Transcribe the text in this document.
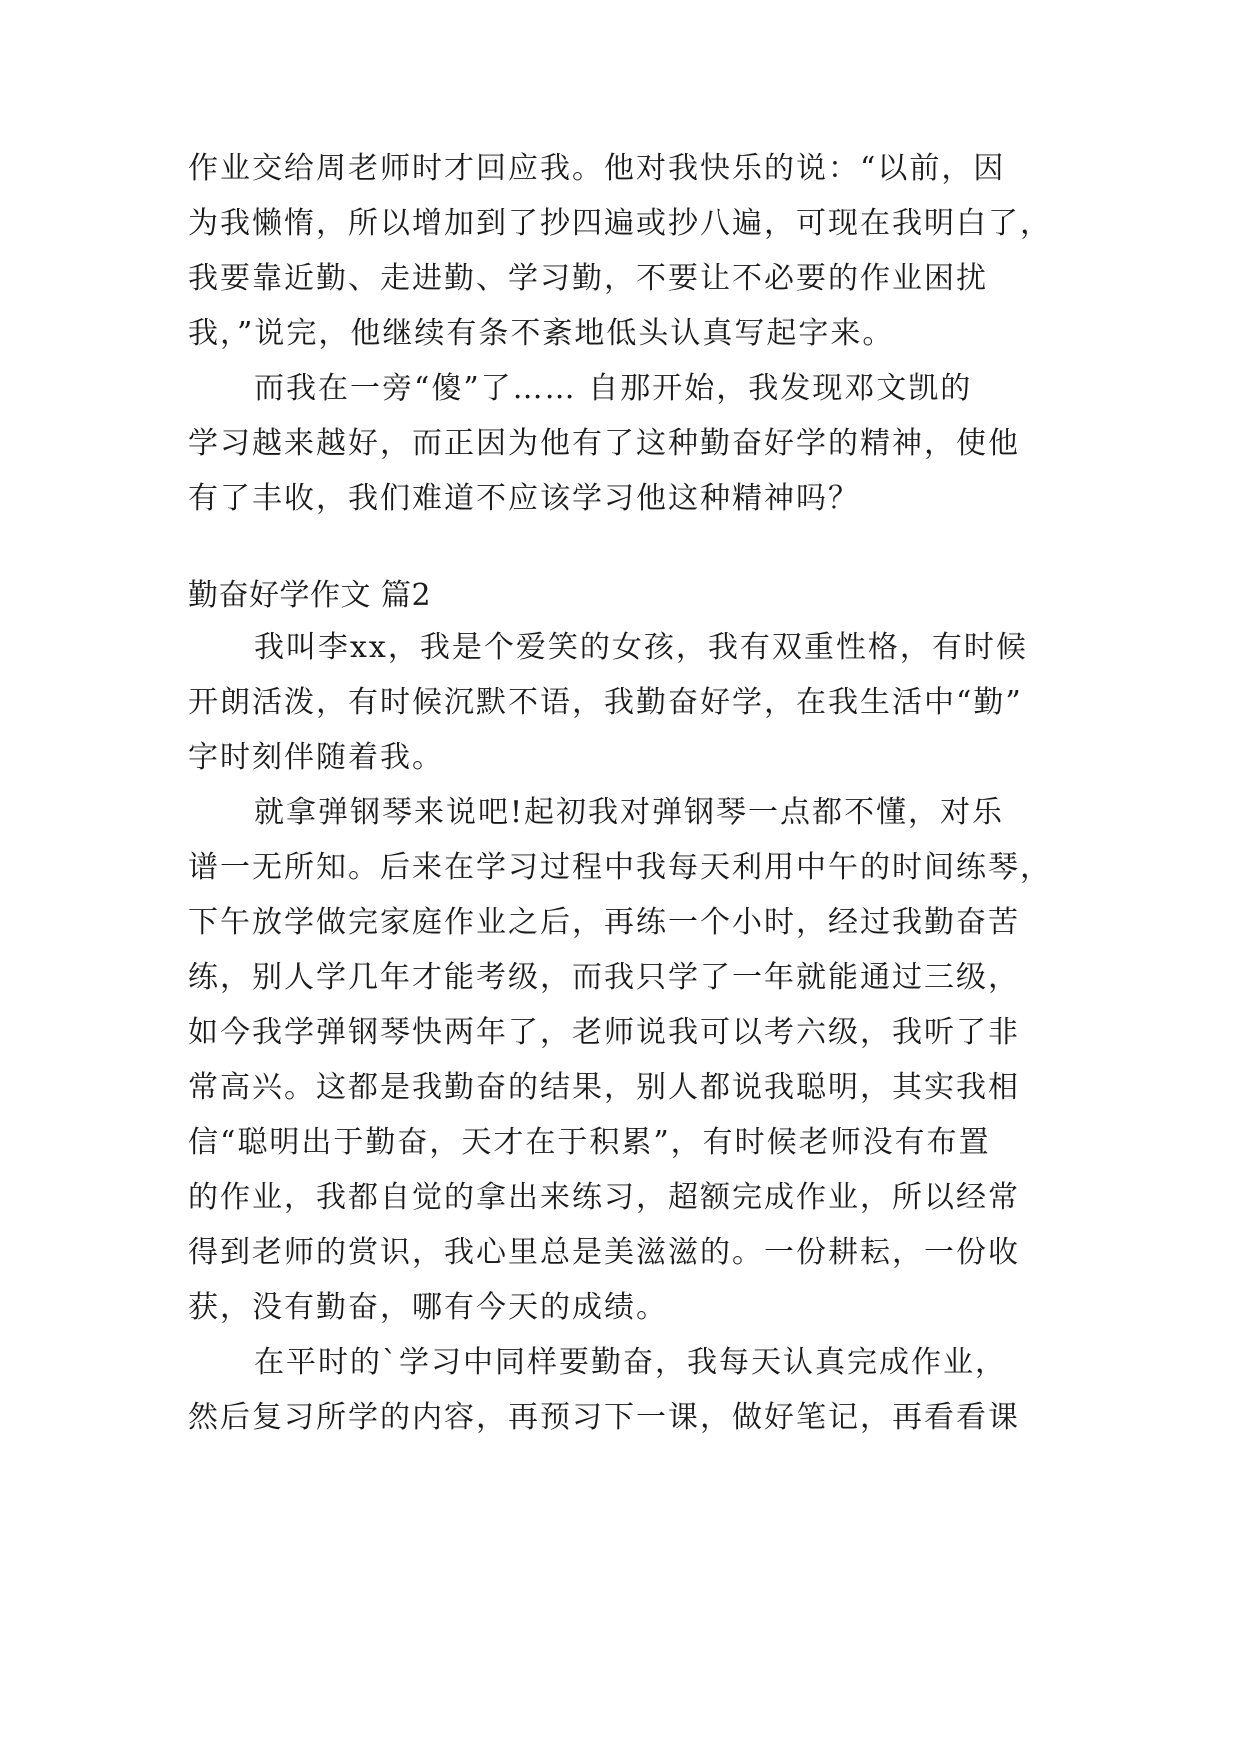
作业交给周老师时才回应我。他对我快乐的说：“以前，因
为我懒惰，所以增加到了抄四遍或抄八遍，可现在我明白了，
我要靠近勤、走进勤、学习勤，不要让不必要的作业困扰
我，”说完，他继续有条不紊地低头认真写起字来。
而我在一旁“傻”了…… 自那开始，我发现邓文凯的
学习越来越好，而正因为他有了这种勤奋好学的精神，使他
有了丰收，我们难道不应该学习他这种精神吗？
勤奋好学作文 篇2
我叫李xx，我是个爱笑的女孩，我有双重性格，有时候
开朗活泼，有时候沉默不语，我勤奋好学，在我生活中“勤”
字时刻伴随着我。
就拿弹钢琴来说吧!起初我对弹钢琴一点都不懂，对乐
谱一无所知。后来在学习过程中我每天利用中午的时间练琴，
下午放学做完家庭作业之后，再练一个小时，经过我勤奋苦
练，别人学几年才能考级，而我只学了一年就能通过三级，
如今我学弹钢琴快两年了，老师说我可以考六级，我听了非
常高兴。这都是我勤奋的结果，别人都说我聪明，其实我相
信“聪明出于勤奋，天才在于积累”，有时候老师没有布置
的作业，我都自觉的拿出来练习，超额完成作业，所以经常
得到老师的赏识，我心里总是美滋滋的。一份耕耘，一份收
获，没有勤奋，哪有今天的成绩。
在平时的`学习中同样要勤奋，我每天认真完成作业，
然后复习所学的内容，再预习下一课，做好笔记，再看看课
